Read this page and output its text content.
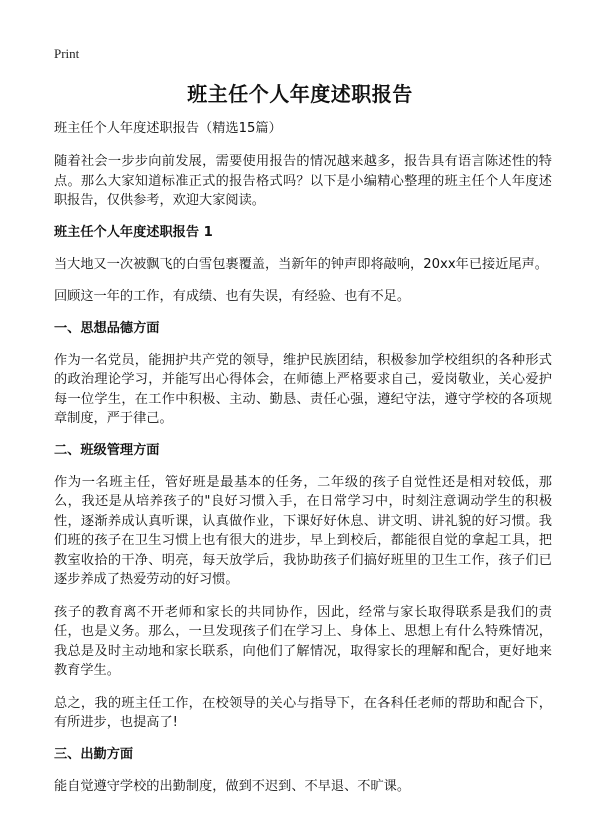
Print
班主任个人年度述职报告
班主任个人年度述职报告（精选15篇）

随着社会一步步向前发展，需要使用报告的情况越来越多，报告具有语言陈述性的特点。那么大家知道标准正式的报告格式吗？以下是小编精心整理的班主任个人年度述职报告，仅供参考，欢迎大家阅读。

班主任个人年度述职报告 1

当大地又一次被飘飞的白雪包裹覆盖，当新年的钟声即将敲响，20xx年已接近尾声。

回顾这一年的工作，有成绩、也有失误，有经验、也有不足。

一、思想品德方面

作为一名党员，能拥护共产党的领导，维护民族团结，积极参加学校组织的各种形式的政治理论学习，并能写出心得体会，在师德上严格要求自己，爱岗敬业，关心爱护每一位学生，在工作中积极、主动、勤恳、责任心强，遵纪守法，遵守学校的各项规章制度，严于律己。

二、班级管理方面

作为一名班主任，管好班是最基本的任务，二年级的孩子自觉性还是相对较低，那么，我还是从培养孩子的"良好习惯入手，在日常学习中，时刻注意调动学生的积极性，逐渐养成认真听课，认真做作业，下课好好休息、讲文明、讲礼貌的好习惯。我们班的孩子在卫生习惯上也有很大的进步，早上到校后，都能很自觉的拿起工具，把教室收拾的干净、明亮，每天放学后，我协助孩子们搞好班里的卫生工作，孩子们已逐步养成了热爱劳动的好习惯。

孩子的教育离不开老师和家长的共同协作，因此，经常与家长取得联系是我们的责任，也是义务。那么，一旦发现孩子们在学习上、身体上、思想上有什么特殊情况，我总是及时主动地和家长联系，向他们了解情况，取得家长的理解和配合，更好地来教育学生。

总之，我的班主任工作，在校领导的关心与指导下，在各科任老师的帮助和配合下，有所进步，也提高了!

三、出勤方面

能自觉遵守学校的出勤制度，做到不迟到、不早退、不旷课。
